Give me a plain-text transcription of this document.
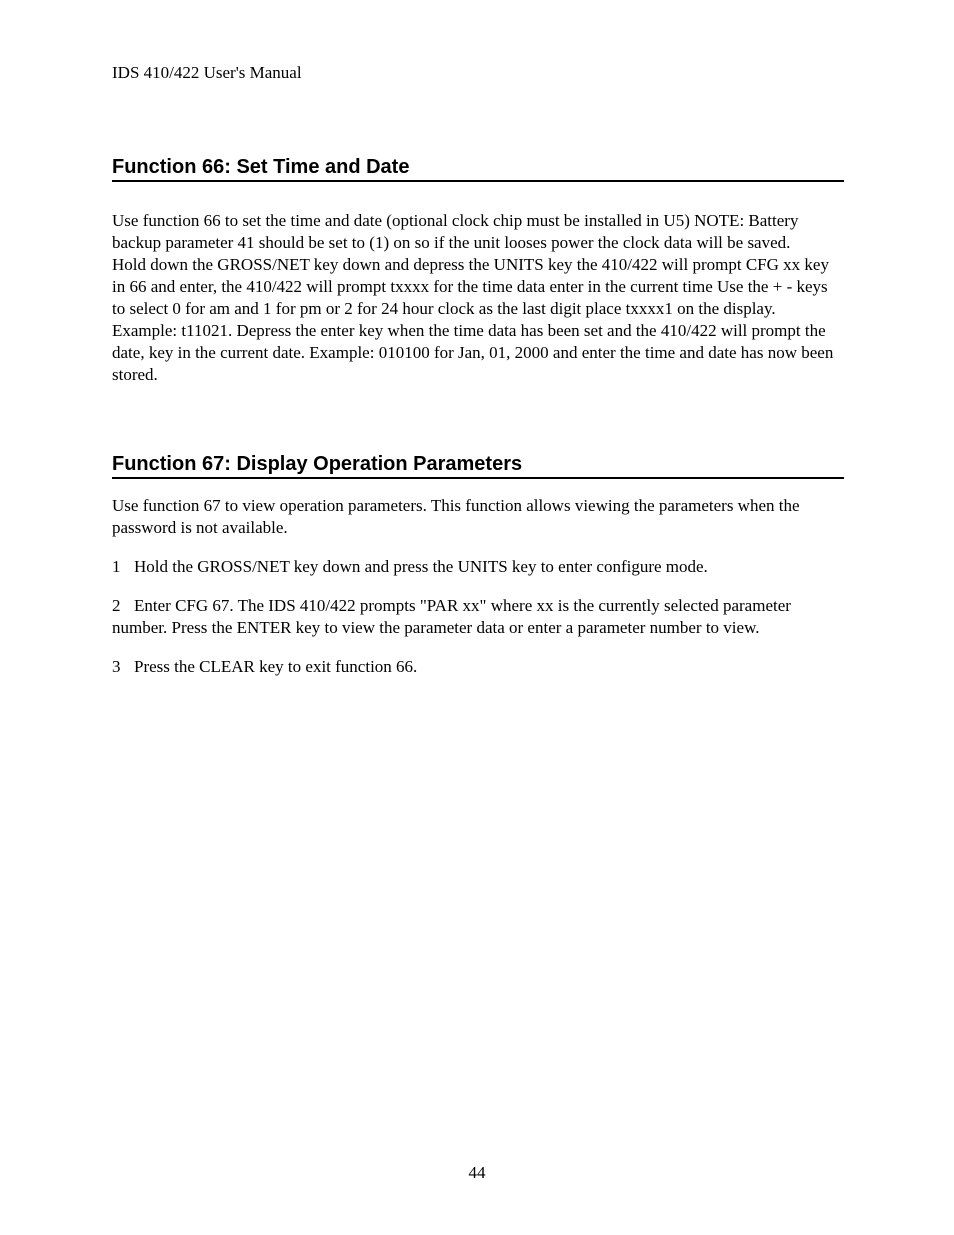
IDS 410/422 User's Manual
Function 66: Set Time and Date

Use function 66 to set the time and date (optional clock chip must be installed in U5) NOTE: Battery backup parameter 41 should be set to (1) on so if the unit looses power the clock data will be saved.

Hold down the GROSS/NET key down and depress the UNITS key the 410/422 will prompt CFG xx key in 66 and enter, the 410/422 will prompt txxxx for the time data enter in the current time Use the + - keys to select 0 for am and 1 for pm or 2 for 24 hour clock as the last digit place txxxx1 on the display. Example: t11021. Depress the enter key when the time data has been set and the 410/422 will prompt the date, key in the current date. Example: 010100 for Jan, 01, 2000 and enter the time and date has now been stored.

Function 67: Display Operation Parameters

Use function 67 to view operation parameters. This function allows viewing the parameters when the password is not available.

1 Hold the GROSS/NET key down and press the UNITS key to enter configure mode.

2 Enter CFG 67. The IDS 410/422 prompts "PAR xx" where xx is the currently selected parameter number. Press the ENTER key to view the parameter data or enter a parameter number to view.

3 Press the CLEAR key to exit function 66.

44
